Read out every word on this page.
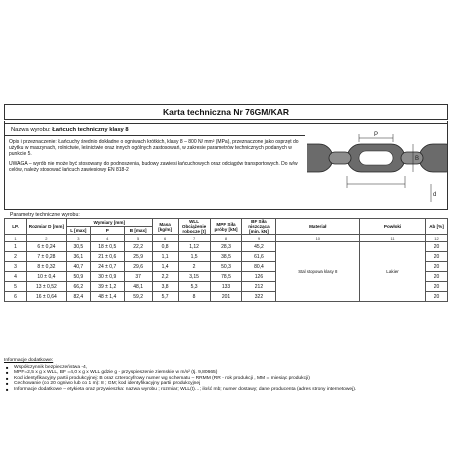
Karta techniczna Nr 76GM/KAR
Nazwa wyrobu: Łańcuch techniczny klasy 8

Opis i przeznaczenie: Łańcuchy średnio dokładne o ogniwach krótkich, klasy 8 – 800 N/ mm² (MPa), przeznaczone jako osprzęt do użytku w maszynach, rolnictwie, leśnictwie oraz innych ogólnych zastosowań, w zakresie parametrów technicznych podanych w punkcie 5.

UWAGA – wyrób nie może być stosowany do podnoszenia, budowy zawiesi łańcuchowych oraz odciągów transportowych. Do w/w celów, należy stosować łańcuch zawiesiowy EN 818-2

P
B
d
Parametry techniczne wyrobu:
LP.	Rozmiar D [mm]	Wymiary [mm]			Masa [kg/m]	WLL Obciążenie robocze [t]	MPF Siła próby [kN]	BF Siła niszcząca [min. kN]	Materiał	Powłoki	Ab [%]
		L [max]	P	B [max]							
1	2	3	4	5	6	7	8	9	10	11	12
1	6 ± 0,24	30,5	18 ± 0,5	22,2	0,8	1,12	28,3	45,2	Stal stopowa klasy 8	Lakier	20
2	7 ± 0,28	36,1	21 ± 0,6	25,9	1,1	1,5	38,5	61,6			20
3	8 ± 0,32	40,7	24 ± 0,7	29,6	1,4	2	50,3	80,4			20
4	10 ± 0,4	50,9	30 ± 0,9	37	2,2	3,15	78,5	126			20
5	13 ± 0,52	66,2	39 ± 1,2	48,1	3,8	5,3	133	212			20
6	16 ± 0,64	82,4	48 ± 1,4	59,2	5,7	8	201	322			20
Informacje dodatkowe:
■ Współczynnik bezpieczeństwa -4,
■ MPF=2,5 x g x WLL, BF =4,0 x g x WLL gdzie g - przyspieszenie ziemskie w m/s² (tj. 9,80665)
■ Kod identyfikacyjny partii produkcyjnej: B oraz czterocyfrowy numer wg schematu – RRMM (RR - rok produkcji , MM = miesiąc produkcji)
■ Cechowanie (co 20 ogniwo lub co 1 m): 8 ; GM; kod identyfikacyjny partii produkcyjnej
■ Informacje dodatkowe – etykieta oraz przywieszka: nazwa wyrobu ; rozmiar; WLL(t)…; ilość mb; numer dostawy; dane producenta (adres strony internetowej).
